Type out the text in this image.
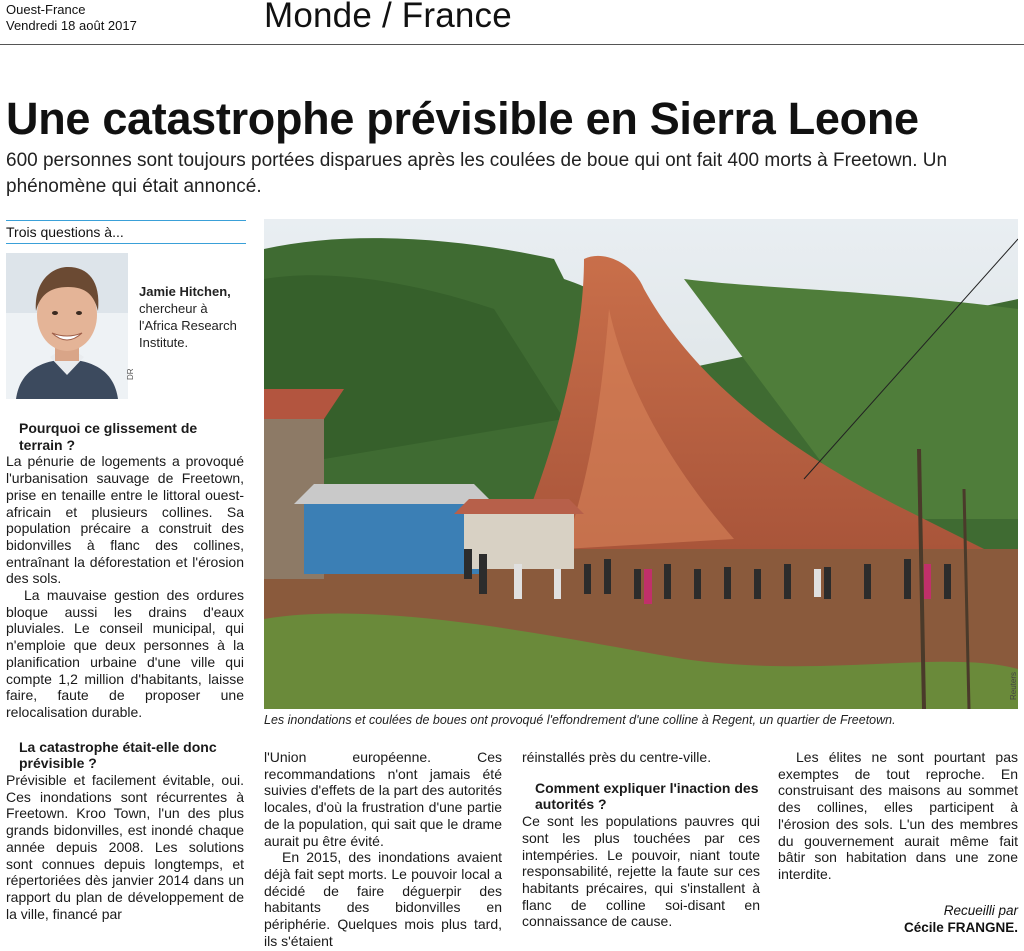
Ouest-France
Vendredi 18 août 2017	Monde / France
Une catastrophe prévisible en Sierra Leone
600 personnes sont toujours portées disparues après les coulées de boue qui ont fait 400 morts à Freetown. Un phénomène qui était annoncé.
Trois questions à...
DR
Jamie Hitchen,
chercheur à l'Africa Research Institute.

Pourquoi ce glissement de terrain ?

La pénurie de logements a provoqué l'urbanisation sauvage de Freetown, prise en tenaille entre le littoral ouest-africain et plusieurs collines. Sa population précaire a construit des bidonvilles à flanc des collines, entraînant la déforestation et l'érosion des sols.

La mauvaise gestion des ordures bloque aussi les drains d'eaux pluviales. Le conseil municipal, qui n'emploie que deux personnes à la planification urbaine d'une ville qui compte 1,2 million d'habitants, laisse faire, faute de proposer une relocalisation durable.

La catastrophe était-elle donc prévisible ?

Prévisible et facilement évitable, oui. Ces inondations sont récurrentes à Freetown. Kroo Town, l'un des plus grands bidonvilles, est inondé chaque année depuis 2008. Les solutions sont connues depuis longtemps, et répertoriées dès janvier 2014 dans un rapport du plan de développement de la ville, financé par

l'Union européenne. Ces recommandations n'ont jamais été suivies d'effets de la part des autorités locales, d'où la frustration d'une partie de la population, qui sait que le drame aurait pu être évité.

En 2015, des inondations avaient déjà fait sept morts. Le pouvoir local a décidé de faire déguerpir des habitants des bidonvilles en périphérie. Quelques mois plus tard, ils s'étaient

réinstallés près du centre-ville.

Comment expliquer l'inaction des autorités ?

Ce sont les populations pauvres qui sont les plus touchées par ces intempéries. Le pouvoir, niant toute responsabilité, rejette la faute sur ces habitants précaires, qui s'installent à flanc de colline soi-disant en connaissance de cause.

Les élites ne sont pourtant pas exemptes de tout reproche. En construisant des maisons au sommet des collines, elles participent à l'érosion des sols. L'un des membres du gouvernement aurait même fait bâtir son habitation dans une zone interdite.

Recueilli par
Cécile FRANGNE.
Reuters
Les inondations et coulées de boues ont provoqué l'effondrement d'une colline à Regent, un quartier de Freetown.
